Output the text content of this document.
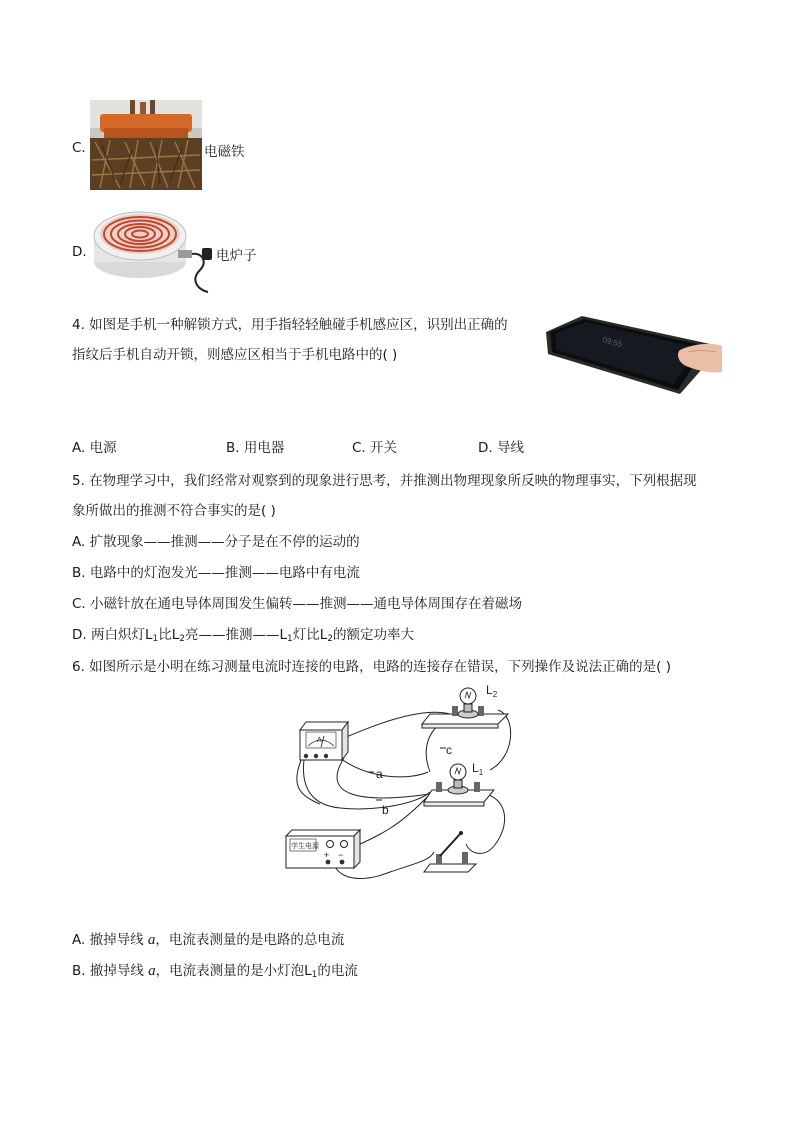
C.	电磁铁
D.	电炉子
4. 如图是手机一种解锁方式，用手指轻轻触碰手机感应区，识别出正确的
指纹后手机自动开锁，则感应区相当于手机电路中的( )
09:55
A. 电源	B. 用电器	C. 开关	D. 导线
5. 在物理学习中，我们经常对观察到的现象进行思考，并推测出物理现象所反映的物理事实，下列根据现
象所做出的推测不符合事实的是( )
A. 扩散现象——推测——分子是在不停的运动的
B. 电路中的灯泡发光——推测——电路中有电流
C. 小磁针放在通电导体周围发生偏转——推测——通电导体周围存在着磁场
D. 两白炽灯$L_1$比$L_2$亮——推测$——L_1$灯比$L_2$的额定功率大
6. 如图所示是小明在练习测量电流时连接的电路，电路的连接存在错误，下列操作及说法正确的是( )
$L_2$
$L_1$
A
a
b
c
学生电源
+ −
A. 撤掉导线 a，电流表测量的是电路的总电流
B. 撤掉导线 a，电流表测量的是小灯泡$L_1$的电流
